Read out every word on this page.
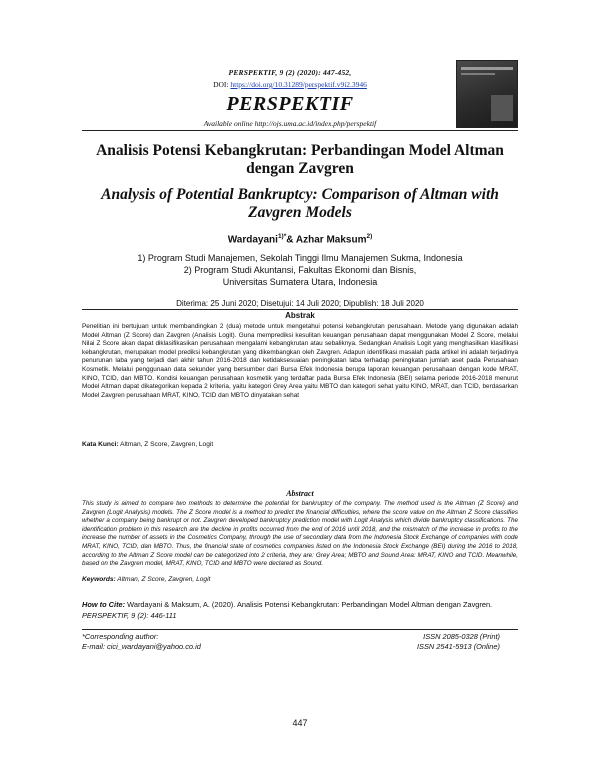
PERSPEKTIF, 9 (2) (2020): 447-452,
DOI: https://doi.org/10.31289/perspektif.v9i2.3946
PERSPEKTIF
Available online http://ojs.uma.ac.id/index.php/perspektif
Analisis Potensi Kebangkrutan: Perbandingan Model Altman dengan Zavgren
Analysis of Potential Bankruptcy: Comparison of Altman with Zavgren Models
Wardayani$^{1)*}$& Azhar Maksum$^{2)}$
1) Program Studi Manajemen, Sekolah Tinggi Ilmu Manajemen Sukma, Indonesia
2) Program Studi Akuntansi, Fakultas Ekonomi dan Bisnis,
Universitas Sumatera Utara, Indonesia
Diterima: 25 Juni 2020; Disetujui: 14 Juli 2020; Dipublish: 18 Juli 2020
Abstrak
Penelitian ini bertujuan untuk membandingkan 2 (dua) metode untuk mengetahui potensi kebangkrutan perusahaan. Metode yang digunakan adalah Model Altman (Z Score) dan Zavgren (Analisis Logit). Guna memprediksi kesulitan keuangan perusahaan dapat menggunakan Model Z Score, melalui Nilai Z Score akan dapat diklasifikasikan perusahaan mengalami kebangkrutan atau sebaliknya. Sedangkan Analisis Logit yang menghasilkan klasifikasi kebangkrutan, merupakan model prediksi kebangkrutan yang dikembangkan oleh Zavgren. Adapun identifikasi masalah pada artikel ini adalah terjadinya penurunan laba yang terjadi dari akhir tahun 2016-2018 dan ketidaksesuaian peningkatan laba terhadap peningkatan jumlah aset pada Perusahaan Kosmetik. Melalui penggunaan data sekunder yang bersumber dari Bursa Efek Indonesia berupa laporan keuangan perusahaan dengan kode MRAT, KINO, TCID, dan MBTO. Kondisi keuangan perusahaan kosmetik yang terdaftar pada Bursa Efek Indonesia (BEI) selama periode 2016-2018 menurut Model Altman dapat dikategorikan kepada 2 kriteria, yaitu kategori Grey Area yaitu MBTO dan kategori sehat yaitu KINO, MRAT, dan TCID, berdasarkan Model Zavgren perusahaan MRAT, KINO, TCID dan MBTO dinyatakan sehat
Kata Kunci: Altman, Z Score, Zavgren, Logit
Abstract
This study is aimed to compare two methods to determine the potential for bankruptcy of the company. The method used is the Altman (Z Score) and Zavgren (Logit Analysis) models. The Z Score model is a method to predict the financial difficulties, where the score value on the Altman Z Score classifies whether a company being bankrupt or not. Zavgren developed bankruptcy prediction model with Logit Analysis which divide bankruptcy classifications. The identification problem in this research are the decline in profits occurred from the end of 2016 until 2018, and the mismatch of the increase in profits to the increase the number of assets in the Cosmetics Company, through the use of secondary data from the Indonesia Stock Exchange of companies with code MRAT, KINO, TCID, dan MBTO. Thus, the financial state of cosmetics companies listed on the Indonesia Stock Exchange (BEI) during the 2016 to 2018, according to the Altman Z Score model can be categorized into 2 criteria, they are: Grey Area; MBTO and Sound Area: MRAT, KINO and TCID. Meanwhile, based on the Zavgren model, MRAT, KINO, TCID and MBTO were declared as Sound.
Keywords: Altman, Z Score, Zavgren, Logit
How to Cite: Wardayani & Maksum, A. (2020). Analisis Potensi Kebangkrutan: Perbandingan Model Altman dengan Zavgren. PERSPEKTIF, 9 (2): 446-111
*Corresponding author:
E-mail: cici_wardayani@yahoo.co.id
ISSN 2085-0328 (Print)
ISSN 2541-5913 (Online)
447
